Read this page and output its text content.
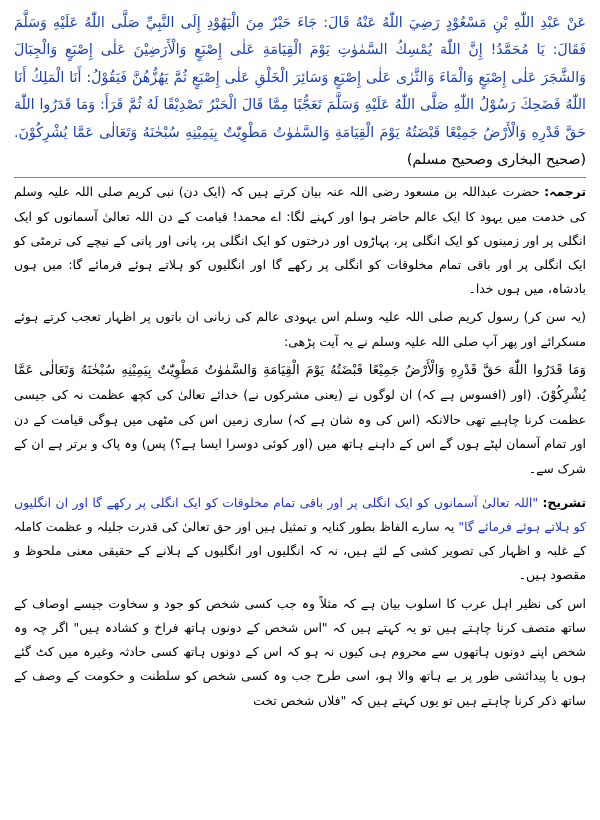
عَنْ عَبْدِ اللّٰهِ بْنِ مَسْعُوْدٍ رَضِيَ اللّٰهُ عَنْهُ قَالَ: جَاءَ حَبْرٌ مِنَ الْيَهُوْدِ إِلَى النَّبِيِّ صَلَّى اللّٰهُ عَلَيْهِ وَسَلَّمَ فَقَالَ: يَا مُحَمَّدُ! إِنَّ اللّٰهَ يُمْسِكُ السَّمٰوٰتِ يَوْمَ الْقِيَامَةِ عَلٰى إِصْبَعٍ وَالْأَرَضِيْنَ عَلٰى إِصْبَعٍ وَالْجِبَالَ وَالشَّجَرَ عَلٰى إِصْبَعٍ وَالْمَاءَ وَالثَّرٰى عَلٰى إِصْبَعٍ وَسَائِرَ الْخَلْقِ عَلٰى إِصْبَعٍ ثُمَّ يَهُزُّهُنَّ فَيَقُوْلُ: أَنَا الْمَلِكُ أَنَا اللّٰهُ فَضَحِكَ رَسُوْلُ اللّٰهِ صَلَّى اللّٰهُ عَلَيْهِ وَسَلَّمَ تَعَجُّبًا مِمَّا قَالَ الْحَبْرُ تَصْدِيْقًا لَهُ ثُمَّ قَرَأَ: وَمَا قَدَرُوا اللّٰهَ حَقَّ قَدْرِهِ وَالْأَرْضُ جَمِيْعًا قَبْضَتُهُ يَوْمَ الْقِيَامَةِ وَالسَّمٰوٰتُ مَطْوِيّٰتٌ بِيَمِيْنِهِ سُبْحٰنَهُ وَتَعَالٰى عَمَّا يُشْرِكُوْنَ. (صحیح البخاری وصحیح مسلم)

ترجمہ: حضرت عبداللہ بن مسعود رضی اللہ عنہ بیان کرتے ہیں کہ (ایک دن) نبی کریم صلی اللہ علیہ وسلم کی خدمت میں یہود کا ایک عالم حاضر ہوا اور کہنے لگا: اے محمد! قیامت کے دن اللہ تعالیٰ آسمانوں کو ایک انگلی پر اور زمینوں کو ایک انگلی پر، پہاڑوں اور درختوں کو ایک انگلی پر، پانی اور پانی کے نیچے کی ترمٹی کو ایک انگلی پر اور باقی تمام مخلوقات کو انگلی پر رکھے گا اور انگلیوں کو ہلاتے ہوئے فرمائے گا: میں ہوں بادشاہ، میں ہوں خدا۔

(یہ سن کر) رسول کریم صلی اللہ علیہ وسلم اس یہودی عالم کی زبانی ان باتوں پر اظہار تعجب کرتے ہوئے مسکرائے اور پھر آپ صلی اللہ علیہ وسلم نے یہ آیت پڑھی:

وَمَا قَدَرُوا اللّٰهَ حَقَّ قَدْرِهِ وَالْأَرْضُ جَمِيْعًا قَبْضَتُهُ يَوْمَ الْقِيَامَةِ وَالسَّمٰوٰتُ مَطْوِيّٰتٌ بِيَمِيْنِهِ سُبْحٰنَهُ وَتَعَالٰى عَمَّا يُشْرِكُوْنَ. (اور (افسوس ہے کہ) ان لوگوں نے (یعنی مشرکوں نے) خدائے تعالیٰ کی کچھ عظمت نہ کی جیسی عظمت کرنا چاہیے تھی حالانکہ (اس کی وہ شان ہے کہ) ساری زمین اس کی مٹھی میں ہوگی قیامت کے دن اور تمام آسمان لپٹے ہوں گے اس کے داہنے ہاتھ میں (اور کوئی دوسرا ایسا ہے؟) پس) وہ پاک و برتر ہے ان کے شرک سے۔

تشریح: "اللہ تعالیٰ آسمانوں کو ایک انگلی پر اور باقی تمام مخلوقات کو ایک انگلی پر رکھے گا اور ان انگلیوں کو ہلاتے ہوئے فرمائے گا" یہ سارے الفاظ بطور کنایہ و تمثیل ہیں اور حق تعالیٰ کی قدرت جلیلہ و عظمت کاملہ کے غلبہ و اظہار کی تصویر کشی کے لئے ہیں، نہ کہ انگلیوں اور انگلیوں کے ہلانے کے حقیقی معنی ملحوظ و مقصود ہیں۔

اس کی نظیر اہل عرب کا اسلوب بیان ہے کہ مثلاً وہ جب کسی شخص کو جود و سخاوت جیسے اوصاف کے ساتھ متصف کرنا چاہتے ہیں تو یہ کہتے ہیں کہ "اس شخص کے دونوں ہاتھ فراخ و کشادہ ہیں" اگر چہ وہ شخص اپنے دونوں ہاتھوں سے محروم ہی کیوں نہ ہو کہ اس کے دونوں ہاتھ کسی حادثہ وغیرہ میں کٹ گئے ہوں یا پیدائشی طور پر بے ہاتھ والا ہو، اسی طرح جب وہ کسی شخص کو سلطنت و حکومت کے وصف کے ساتھ ذکر کرنا چاہتے ہیں تو یوں کہتے ہیں کہ "فلاں شخص تخت
